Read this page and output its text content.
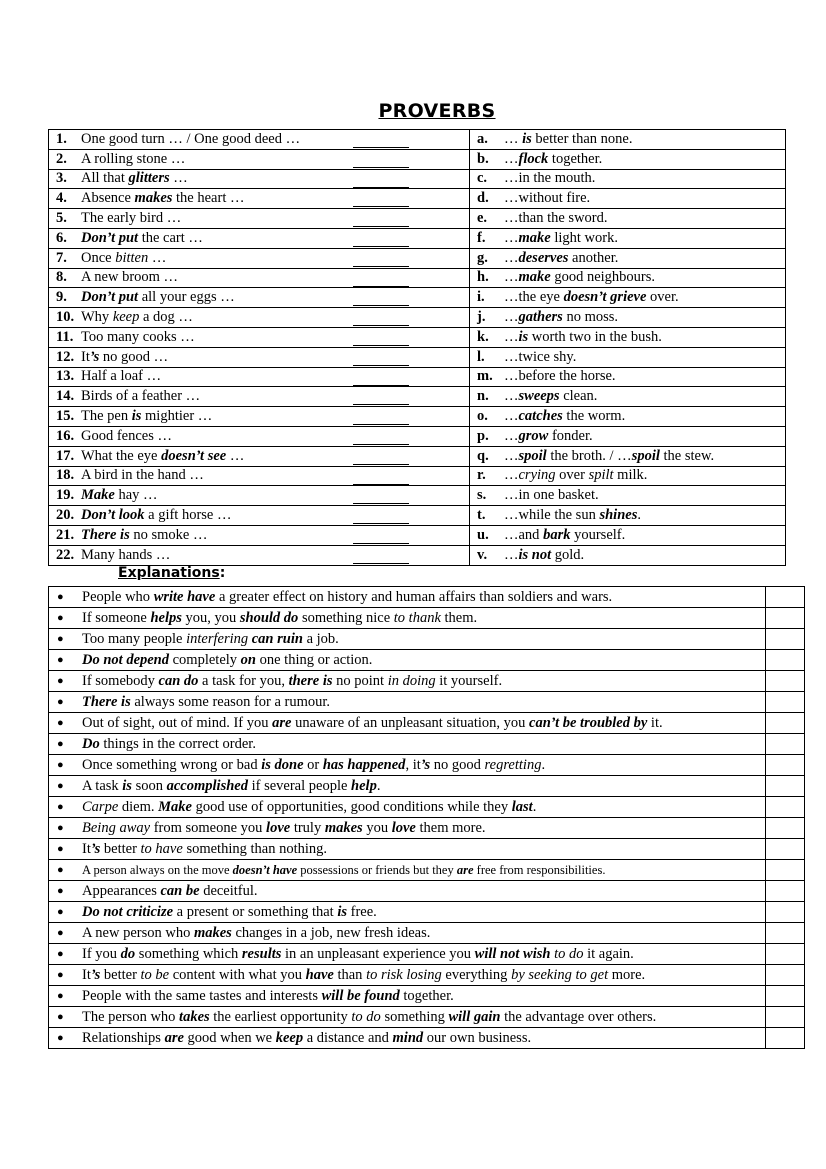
PROVERBS
1. One good turn … / One good deed …	a. … is better than none.
2. A rolling stone …	b. …flock together.
3. All that glitters …	c. …in the mouth.
4. Absence makes the heart …	d. …without fire.
5. The early bird …	e. …than the sword.
6. Don’t put the cart …	f. …make light work.
7. Once bitten …	g. …deserves another.
8. A new broom …	h. …make good neighbours.
9. Don’t put all your eggs …	i. …the eye doesn’t grieve over.
10. Why keep a dog …	j. …gathers no moss.
11. Too many cooks …	k. …is worth two in the bush.
12. It’s no good …	l. …twice shy.
13. Half a loaf …	m. …before the horse.
14. Birds of a feather …	n. …sweeps clean.
15. The pen is mightier …	o. …catches the worm.
16. Good fences …	p. …grow fonder.
17. What the eye doesn’t see …	q. …spoil the broth. / …spoil the stew.
18. A bird in the hand …	r. …crying over spilt milk.
19. Make hay …	s. …in one basket.
20. Don’t look a gift horse …	t. …while the sun shines.
21. There is no smoke …	u. …and bark yourself.
22. Many hands …	v. …is not gold.
Explanations:
● People who write have a greater effect on history and human affairs than soldiers and wars.	
● If someone helps you, you should do something nice to thank them.	
● Too many people interfering can ruin a job.	
● Do not depend completely on one thing or action.	
● If somebody can do a task for you, there is no point in doing it yourself.	
● There is always some reason for a rumour.	
● Out of sight, out of mind. If you are unaware of an unpleasant situation, you can’t be troubled by it.	
● Do things in the correct order.	
● Once something wrong or bad is done or has happened, it’s no good regretting.	
● A task is soon accomplished if several people help.	
● Carpe diem. Make good use of opportunities, good conditions while they last.	
● Being away from someone you love truly makes you love them more.	
● It’s better to have something than nothing.	
● A person always on the move doesn’t have possessions or friends but they are free from responsibilities.	
● Appearances can be deceitful.	
● Do not criticize a present or something that is free.	
● A new person who makes changes in a job, new fresh ideas.	
● If you do something which results in an unpleasant experience you will not wish to do it again.	
● It’s better to be content with what you have than to risk losing everything by seeking to get more.	
● People with the same tastes and interests will be found together.	
● The person who takes the earliest opportunity to do something will gain the advantage over others.	
● Relationships are good when we keep a distance and mind our own business.	
